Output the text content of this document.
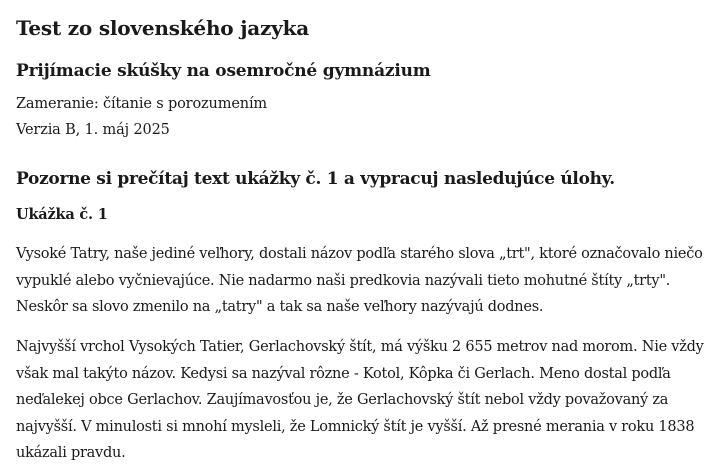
Test zo slovenského jazyka
Prijímacie skúšky na osemročné gymnázium

Zameranie: čítanie s porozumením

Verzia B, 1. máj 2025

Pozorne si prečítaj text ukážky č. 1 a vypracuj nasledujúce úlohy.
Ukážka č. 1

Vysoké Tatry, naše jediné veľhory, dostali názov podľa starého slova „trt", ktoré označovalo niečo vypuklé alebo vyčnievajúce. Nie nadarmo naši predkovia nazývali tieto mohutné štíty „trty". Neskôr sa slovo zmenilo na „tatry" a tak sa naše veľhory nazývajú dodnes.

Najvyšší vrchol Vysokých Tatier, Gerlachovský štít, má výšku 2 655 metrov nad morom. Nie vždy však mal takýto názov. Kedysi sa nazýval rôzne - Kotol, Kôpka či Gerlach. Meno dostal podľa neďalekej obce Gerlachov. Zaujímavosťou je, že Gerlachovský štít nebol vždy považovaný za najvyšší. V minulosti si mnohí mysleli, že Lomnický štít je vyšší. Až presné merania v roku 1838 ukázali pravdu.
